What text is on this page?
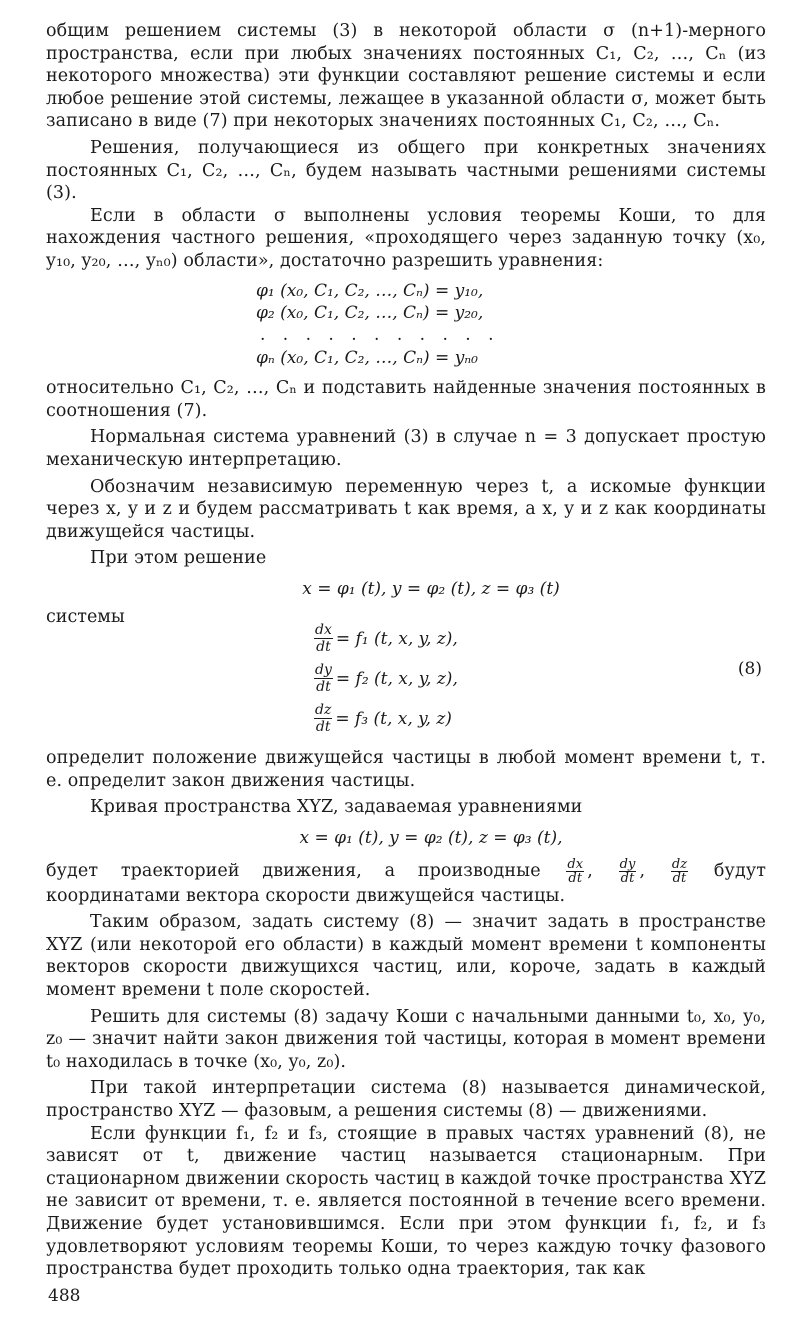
общим решением системы (3) в некоторой области σ (n+1)-мерного пространства, если при любых значениях постоянных C₁, C₂, …, Cₙ (из некоторого множества) эти функции составляют решение системы и если любое решение этой системы, лежащее в указанной области σ, может быть записано в виде (7) при некоторых значениях постоянных C₁, C₂, …, Cₙ.

Решения, получающиеся из общего при конкретных значениях постоянных C₁, C₂, …, Cₙ, будем называть частными решениями системы (3).

Если в области σ выполнены условия теоремы Коши, то для нахождения частного решения, «проходящего через заданную точку (x₀, y₁₀, y₂₀, …, yₙ₀) области», достаточно разрешить уравнения:

φ₁ (x₀, C₁, C₂, …, Cₙ) = y₁₀,
φ₂ (x₀, C₁, C₂, …, Cₙ) = y₂₀,
. . . . . . . . . . .
φₙ (x₀, C₁, C₂, …, Cₙ) = yₙ₀

относительно C₁, C₂, …, Cₙ и подставить найденные значения постоянных в соотношения (7).

Нормальная система уравнений (3) в случае n = 3 допускает простую механическую интерпретацию.

Обозначим независимую переменную через t, а искомые функции через x, y и z и будем рассматривать t как время, а x, y и z как координаты движущейся частицы.

При этом решение

x = φ₁ (t), y = φ₂ (t), z = φ₃ (t)
системы
$\frac{dx}{dt} = f_1$ (t, x, y, z),
$\frac{dy}{dt} = f_2$ (t, x, y, z),
$\frac{dz}{dt} = f_3$ (t, x, y, z)
(8)

определит положение движущейся частицы в любой момент времени t, т. е. определит закон движения частицы.

Кривая пространства XYZ, задаваемая уравнениями

x = φ₁ (t), y = φ₂ (t), z = φ₃ (t),

будет траекторией движения, а производные $\frac{dx}{dt}$ , $\frac{dy}{dt}$ , $\frac{dz}{dt}$ будут координатами вектора скорости движущейся частицы.

Таким образом, задать систему (8) — значит задать в пространстве XYZ (или некоторой его области) в каждый момент времени t компоненты векторов скорости движущихся частиц, или, короче, задать в каждый момент времени t поле скоростей.

Решить для системы (8) задачу Коши с начальными данными t₀, x₀, y₀, z₀ — значит найти закон движения той частицы, которая в момент времени t₀ находилась в точке (x₀, y₀, z₀).

При такой интерпретации система (8) называется динамической, пространство XYZ — фазовым, а решения системы (8) — движениями.

Если функции f₁, f₂ и f₃, стоящие в правых частях уравнений (8), не зависят от t, движение частиц называется стационарным. При стационарном движении скорость частиц в каждой точке пространства XYZ не зависит от времени, т. е. является постоянной в течение всего времени. Движение будет установившимся. Если при этом функции f₁, f₂, и f₃ удовлетворяют условиям теоремы Коши, то через каждую точку фазового пространства будет проходить только одна траектория, так как

488
